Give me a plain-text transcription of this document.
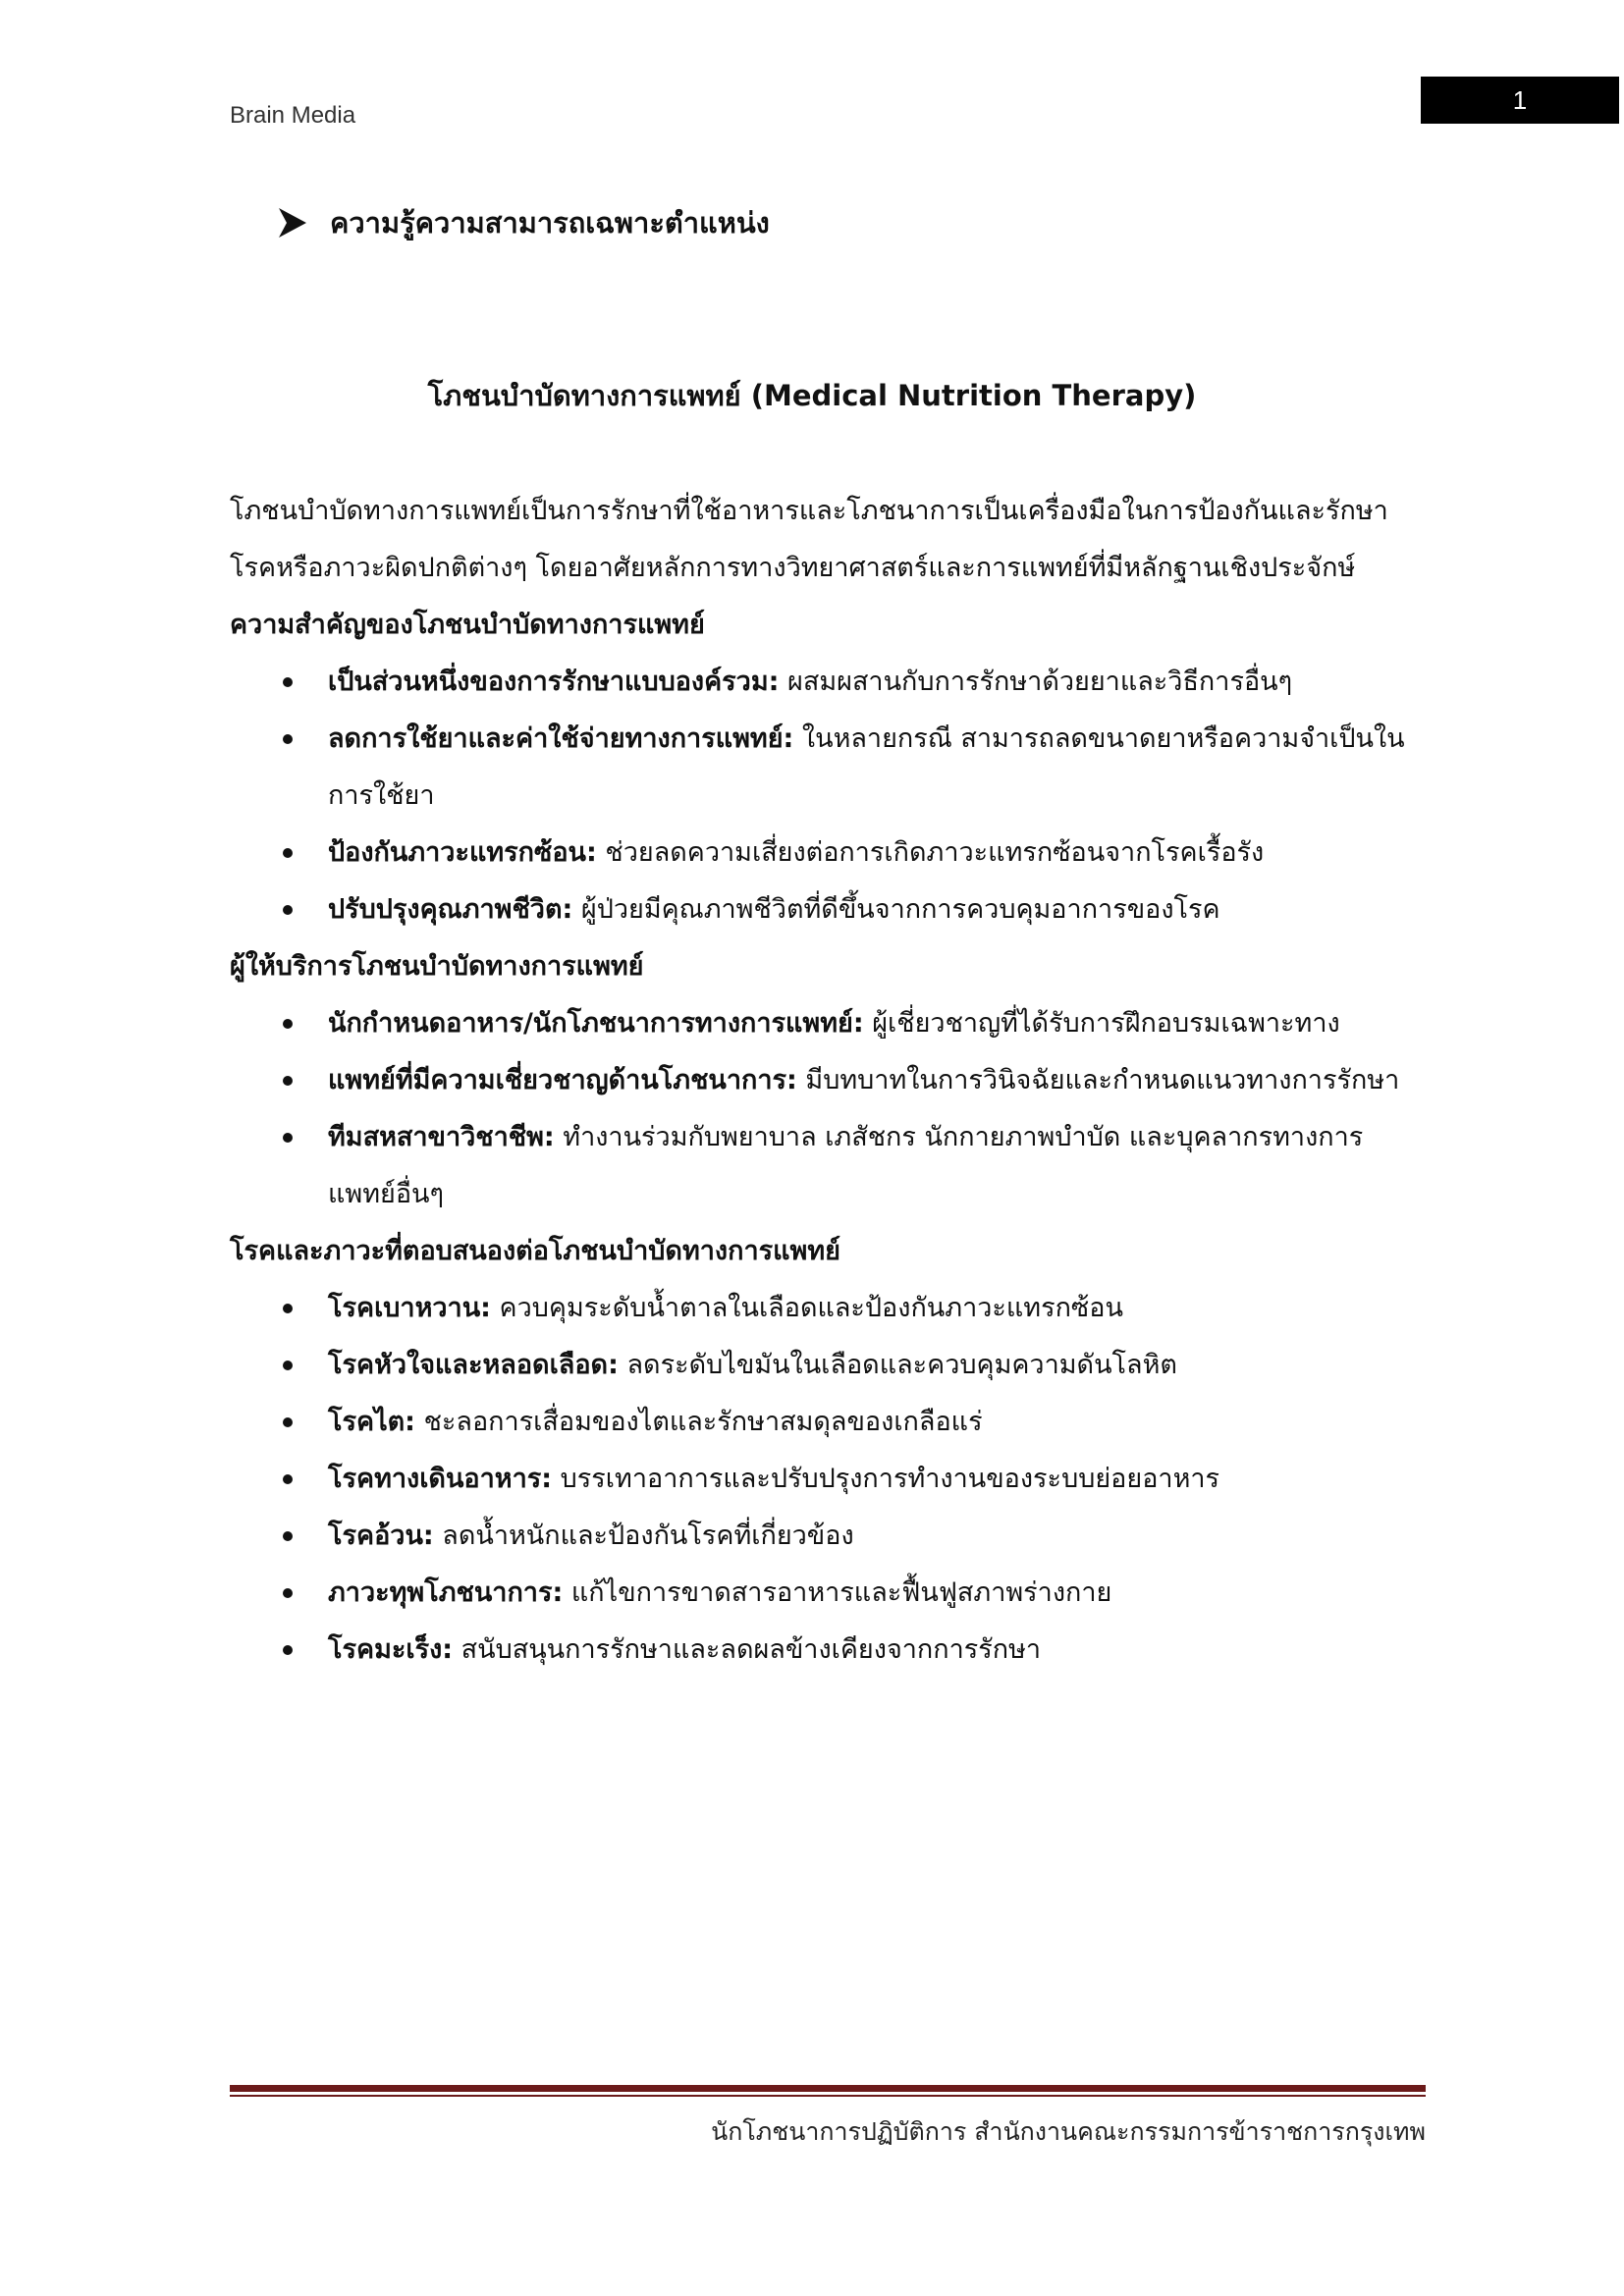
Brain Media
1
ความรู้ความสามารถเฉพาะตำแหน่ง
โภชนบำบัดทางการแพทย์ (Medical Nutrition Therapy)

โภชนบำบัดทางการแพทย์เป็นการรักษาที่ใช้อาหารและโภชนาการเป็นเครื่องมือในการป้องกันและรักษาโรคหรือภาวะผิดปกติต่างๆ โดยอาศัยหลักการทางวิทยาศาสตร์และการแพทย์ที่มีหลักฐานเชิงประจักษ์

ความสำคัญของโภชนบำบัดทางการแพทย์

เป็นส่วนหนึ่งของการรักษาแบบองค์รวม: ผสมผสานกับการรักษาด้วยยาและวิธีการอื่นๆ
ลดการใช้ยาและค่าใช้จ่ายทางการแพทย์: ในหลายกรณี สามารถลดขนาดยาหรือความจำเป็นในการใช้ยา
ป้องกันภาวะแทรกซ้อน: ช่วยลดความเสี่ยงต่อการเกิดภาวะแทรกซ้อนจากโรคเรื้อรัง
ปรับปรุงคุณภาพชีวิต: ผู้ป่วยมีคุณภาพชีวิตที่ดีขึ้นจากการควบคุมอาการของโรค

ผู้ให้บริการโภชนบำบัดทางการแพทย์

นักกำหนดอาหาร/นักโภชนาการทางการแพทย์: ผู้เชี่ยวชาญที่ได้รับการฝึกอบรมเฉพาะทาง
แพทย์ที่มีความเชี่ยวชาญด้านโภชนาการ: มีบทบาทในการวินิจฉัยและกำหนดแนวทางการรักษา
ทีมสหสาขาวิชาชีพ: ทำงานร่วมกับพยาบาล เภสัชกร นักกายภาพบำบัด และบุคลากรทางการแพทย์อื่นๆ

โรคและภาวะที่ตอบสนองต่อโภชนบำบัดทางการแพทย์

โรคเบาหวาน: ควบคุมระดับน้ำตาลในเลือดและป้องกันภาวะแทรกซ้อน
โรคหัวใจและหลอดเลือด: ลดระดับไขมันในเลือดและควบคุมความดันโลหิต
โรคไต: ชะลอการเสื่อมของไตและรักษาสมดุลของเกลือแร่
โรคทางเดินอาหาร: บรรเทาอาการและปรับปรุงการทำงานของระบบย่อยอาหาร
โรคอ้วน: ลดน้ำหนักและป้องกันโรคที่เกี่ยวข้อง
ภาวะทุพโภชนาการ: แก้ไขการขาดสารอาหารและฟื้นฟูสภาพร่างกาย
โรคมะเร็ง: สนับสนุนการรักษาและลดผลข้างเคียงจากการรักษา
นักโภชนาการปฏิบัติการ สำนักงานคณะกรรมการข้าราชการกรุงเทพ
